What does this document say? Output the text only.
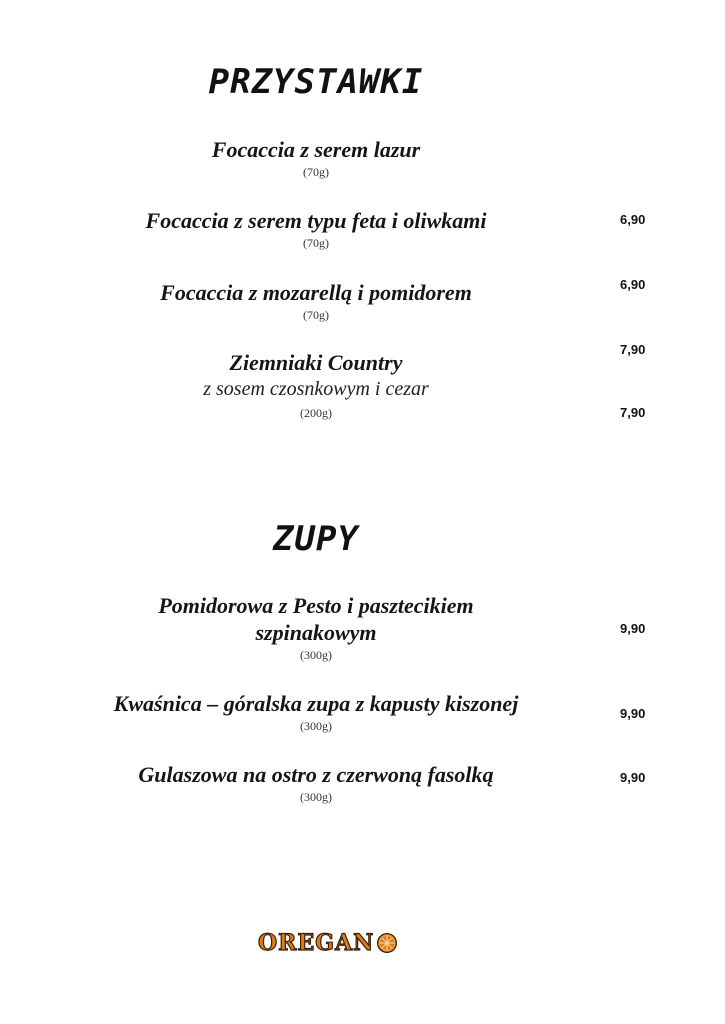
PRZYSTAWKI
Focaccia z serem lazur
(70g)
Focaccia z serem typu feta i oliwkami
(70g)
6,90
Focaccia z mozarellą i pomidorem
(70g)
6,90
7,90
Ziemniaki Country
z sosem czosnkowym i cezar
(200g)	7,90
ZUPY
Pomidorowa z Pesto i pasztecikiem
szpinakowym
(300g)
9,90
Kwaśnica – góralska zupa z kapusty kiszonej
(300g)
9,90
Gulaszowa na ostro z czerwoną fasolką
(300g)
9,90
OREGAN
